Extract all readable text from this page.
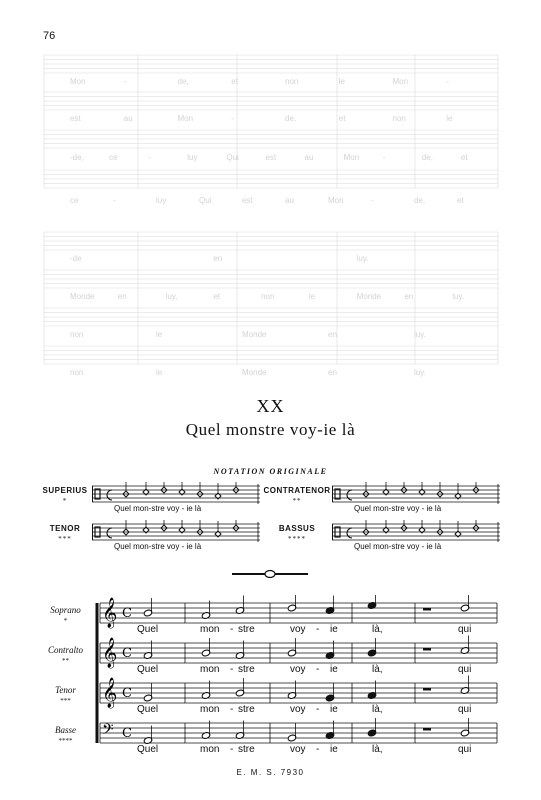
76
Mon	-	de,	et	non	le	Mon	-
est	au	Mon	-	de,	et	non	le
-de,	ce	-	luy	Qui	est	au	Mon	-	de,	et
ce	-	luy	Qui	est	au	Mon	-	de,	et
-de	en	luy.
Monde	en	luy,	et	non	le	Monde	en	luy.
non	le	Monde	en	luy.
non	le	Monde	en	luy.
XX
Quel monstre voy-ie là
NOTATION ORIGINALE
SUPERIUS
*
Quel mon-stre voy - ie là
CONTRATENOR
**
Quel mon-stre voy - ie là
TENOR
***
Quel mon-stre voy - ie là
BASSUS
****
Quel mon-stre voy - ie là
𝄞 C
𝄞 C
𝄞 C
𝄢 C
Soprano
*
Quel	mon - stre	voy - ie	là,	qui
Contralto
**
Quel	mon - stre	voy - ie	là,	qui
Tenor
***
Quel	mon - stre	voy - ie	là,	qui
Basse
****
Quel	mon - stre	voy - ie	là,	qui
E. M. S. 7930
